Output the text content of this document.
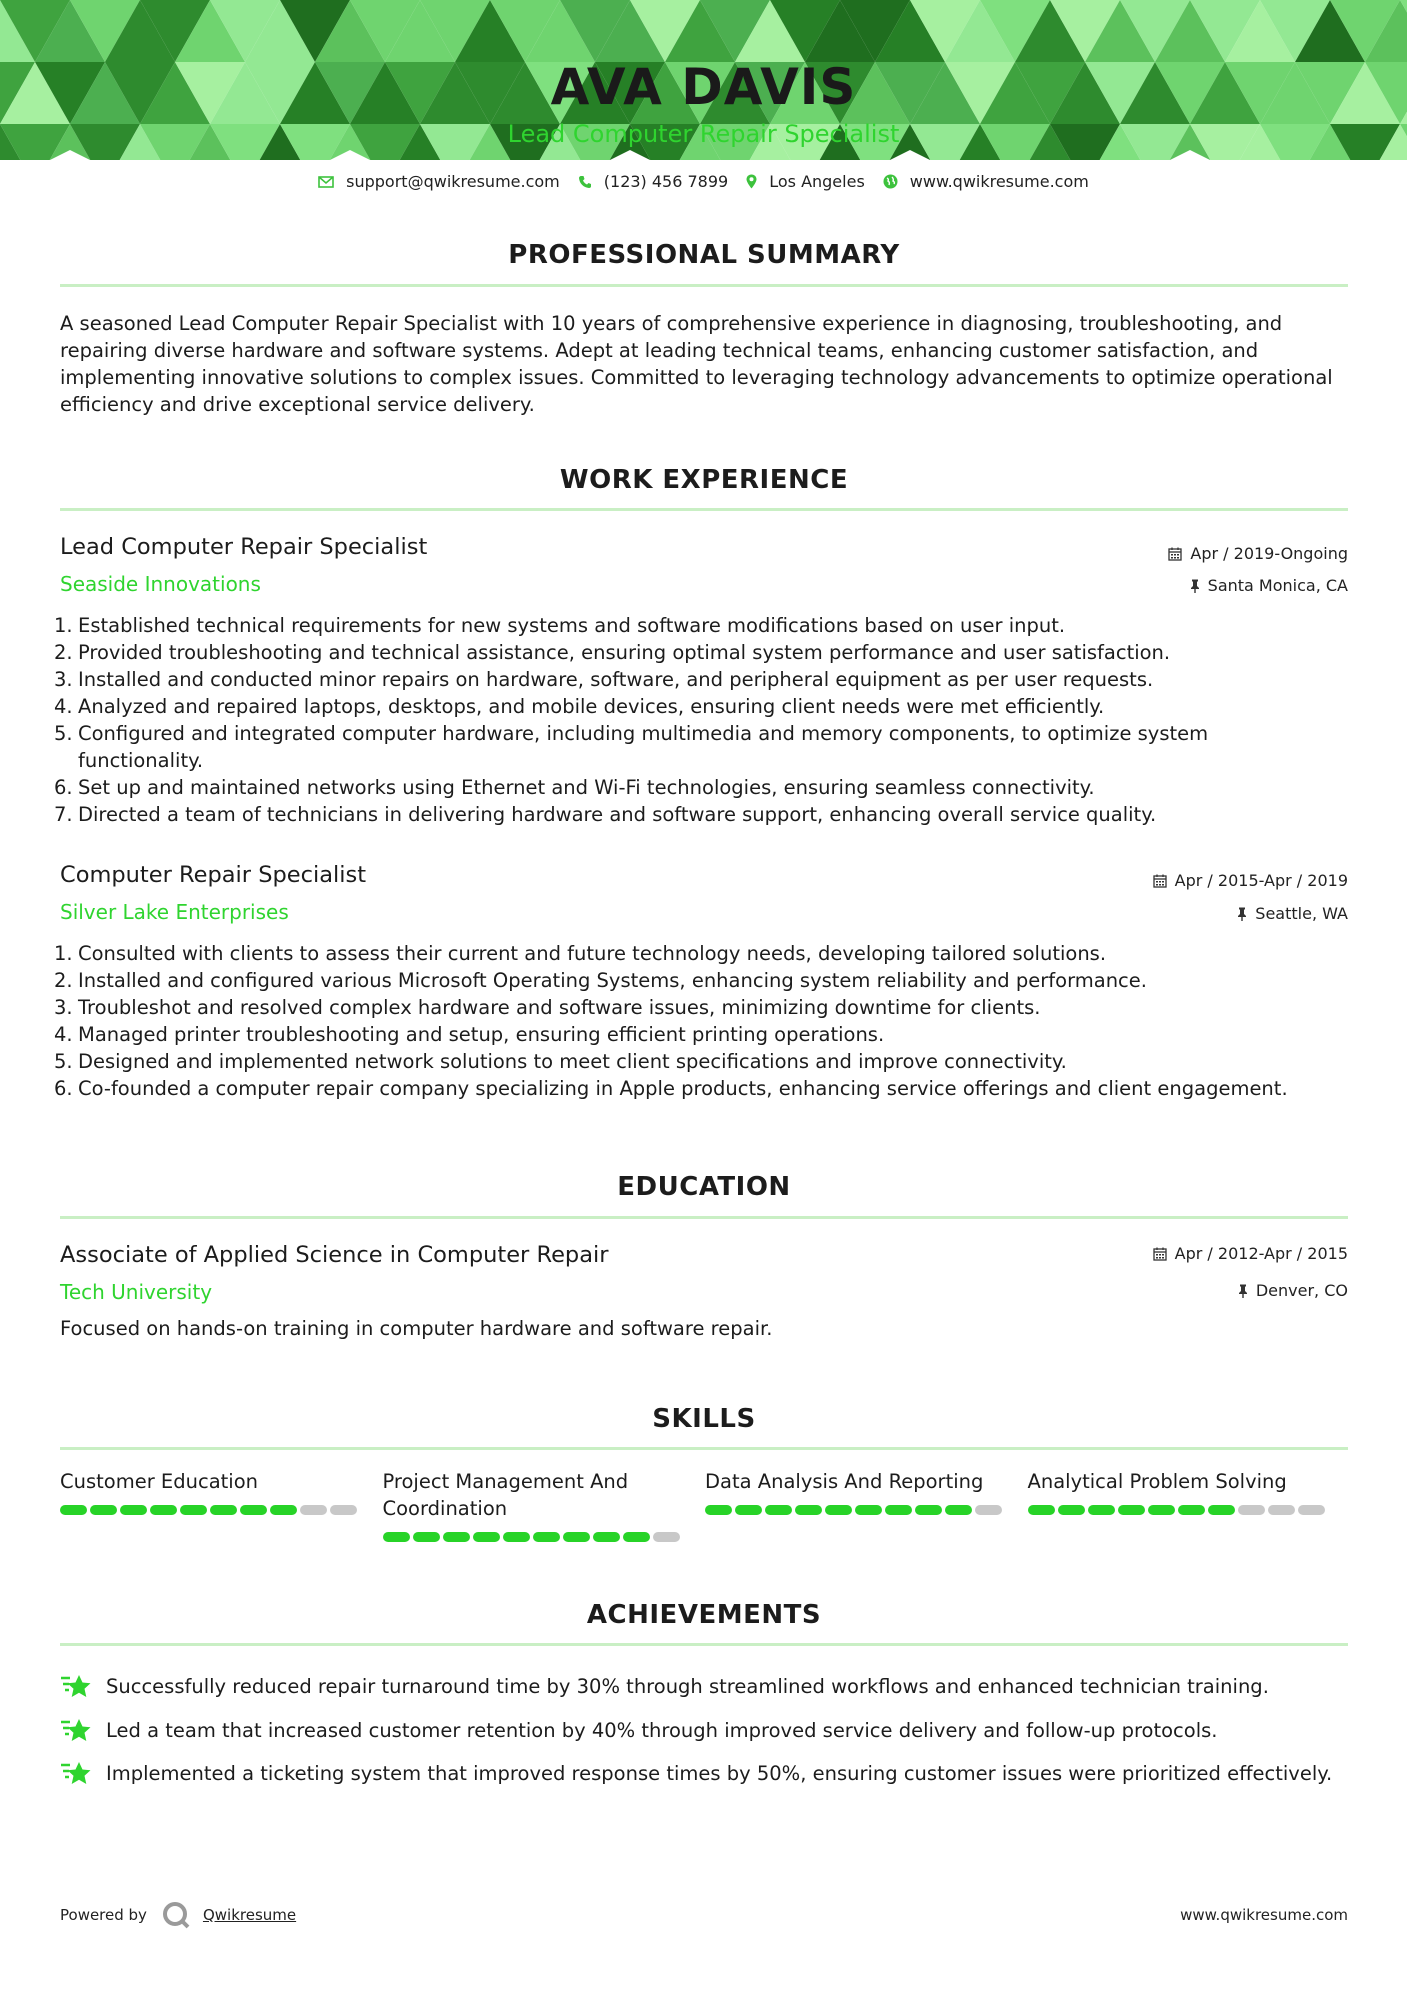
AVA DAVIS
Lead Computer Repair Specialist
support@qwikresume.com	(123) 456 7899	Los Angeles	www.qwikresume.com
PROFESSIONAL SUMMARY
A seasoned Lead Computer Repair Specialist with 10 years of comprehensive experience in diagnosing, troubleshooting, and repairing diverse hardware and software systems. Adept at leading technical teams, enhancing customer satisfaction, and implementing innovative solutions to complex issues. Committed to leveraging technology advancements to optimize operational efficiency and drive exceptional service delivery.
WORK EXPERIENCE
Lead Computer Repair Specialist	Apr / 2019-Ongoing
Seaside Innovations	Santa Monica, CA
1. Established technical requirements for new systems and software modifications based on user input.
2. Provided troubleshooting and technical assistance, ensuring optimal system performance and user satisfaction.
3. Installed and conducted minor repairs on hardware, software, and peripheral equipment as per user requests.
4. Analyzed and repaired laptops, desktops, and mobile devices, ensuring client needs were met efficiently.
5. Configured and integrated computer hardware, including multimedia and memory components, to optimize system functionality.
6. Set up and maintained networks using Ethernet and Wi-Fi technologies, ensuring seamless connectivity.
7. Directed a team of technicians in delivering hardware and software support, enhancing overall service quality.
Computer Repair Specialist	Apr / 2015-Apr / 2019
Silver Lake Enterprises	Seattle, WA
1. Consulted with clients to assess their current and future technology needs, developing tailored solutions.
2. Installed and configured various Microsoft Operating Systems, enhancing system reliability and performance.
3. Troubleshot and resolved complex hardware and software issues, minimizing downtime for clients.
4. Managed printer troubleshooting and setup, ensuring efficient printing operations.
5. Designed and implemented network solutions to meet client specifications and improve connectivity.
6. Co-founded a computer repair company specializing in Apple products, enhancing service offerings and client engagement.
EDUCATION
Associate of Applied Science in Computer Repair	Apr / 2012-Apr / 2015
Tech University	Denver, CO
Focused on hands-on training in computer hardware and software repair.
SKILLS
Customer Education	Project Management And Coordination
Data Analysis And Reporting	Analytical Problem Solving
ACHIEVEMENTS
Successfully reduced repair turnaround time by 30% through streamlined workflows and enhanced technician training.
Led a team that increased customer retention by 40% through improved service delivery and follow-up protocols.
Implemented a ticketing system that improved response times by 50%, ensuring customer issues were prioritized effectively.
Powered by	Qwikresume	www.qwikresume.com
